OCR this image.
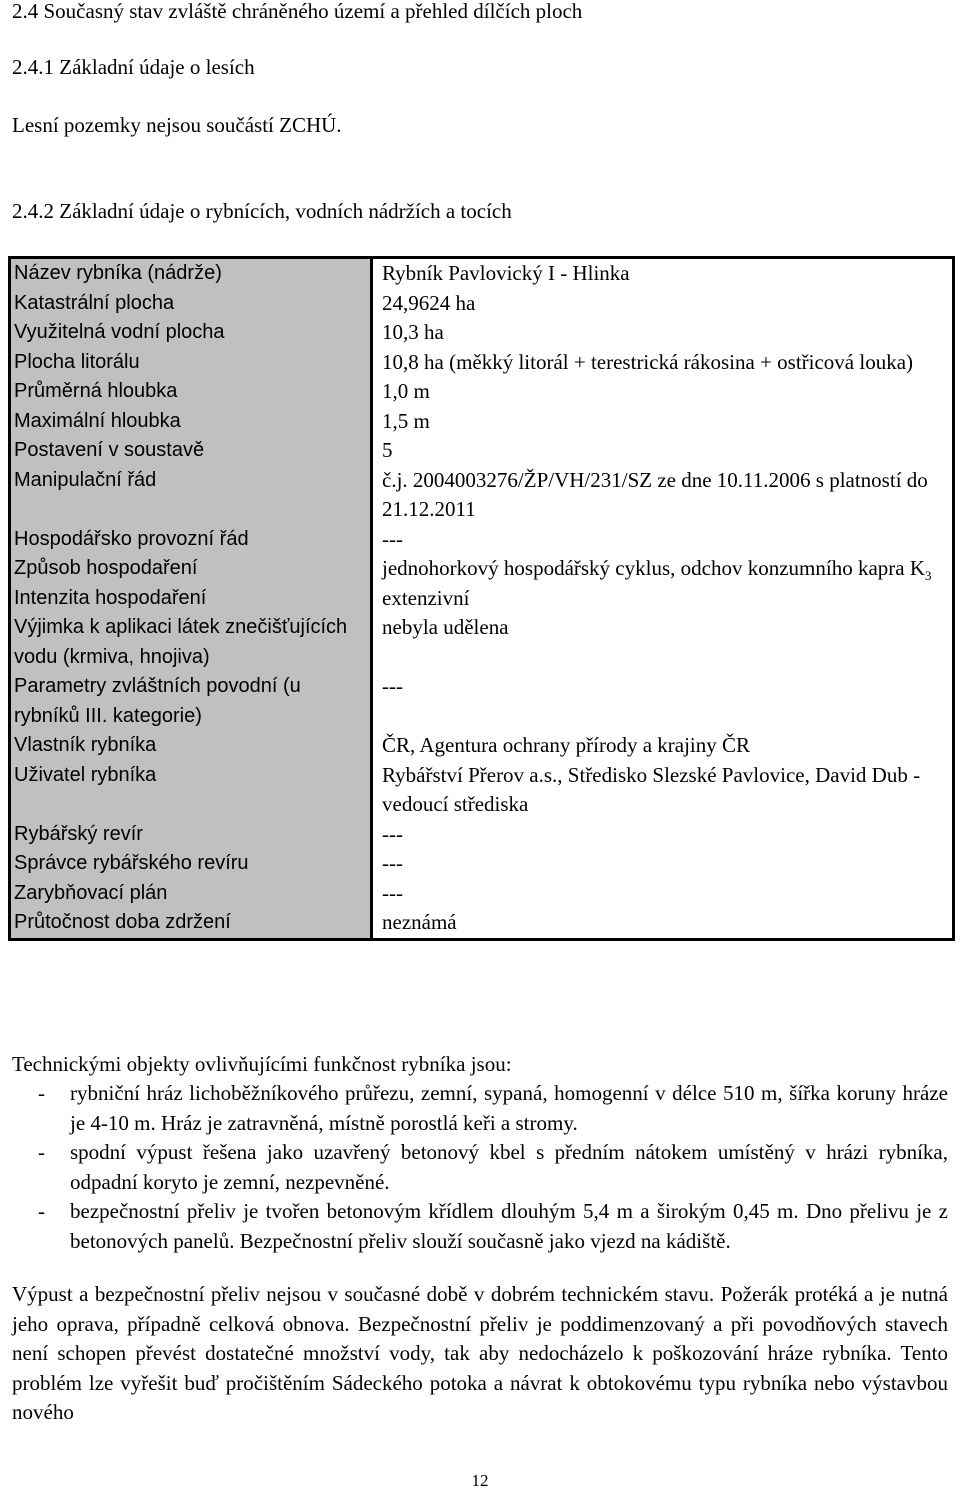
2.4 Současný stav zvláště chráněného území a přehled dílčích ploch
2.4.1 Základní údaje o lesích
Lesní pozemky nejsou součástí ZCHÚ.
2.4.2 Základní údaje o rybnících, vodních nádržích a tocích
Název rybníka (nádrže)	Rybník Pavlovický I - Hlinka
Katastrální plocha	24,9624 ha
Využitelná vodní plocha	10,3 ha
Plocha litorálu	10,8 ha (měkký litorál + terestrická rákosina + ostřicová louka)
Průměrná hloubka	1,0 m
Maximální hloubka	1,5 m
Postavení v soustavě	5
Manipulační řád	č.j. 2004003276/ŽP/VH/231/SZ ze dne 10.11.2006 s platností do 21.12.2011
Hospodářsko provozní řád	---
Způsob hospodaření	jednohorkový hospodářský cyklus, odchov konzumního kapra $K_3$
Intenzita hospodaření	extenzivní
Výjimka k aplikaci látek znečišťujících vodu (krmiva, hnojiva)	nebyla udělena
Parametry zvláštních povodní (u rybníků III. kategorie)	---
Vlastník rybníka	ČR, Agentura ochrany přírody a krajiny ČR
Uživatel rybníka	Rybářství Přerov a.s., Středisko Slezské Pavlovice, David Dub - vedoucí střediska
Rybářský revír	---
Správce rybářského revíru	---
Zarybňovací plán	---
Průtočnost doba zdržení	neznámá
Technickými objekty ovlivňujícími funkčnost rybníka jsou:
- rybniční hráz lichoběžníkového průřezu, zemní, sypaná, homogenní v délce 510 m, šířka koruny hráze je 4-10 m. Hráz je zatravněná, místně porostlá keři a stromy.
- spodní výpust řešena jako uzavřený betonový kbel s předním nátokem umístěný v hrázi rybníka, odpadní koryto je zemní, nezpevněné.
- bezpečnostní přeliv je tvořen betonovým křídlem dlouhým 5,4 m a širokým 0,45 m. Dno přelivu je z betonových panelů. Bezpečnostní přeliv slouží současně jako vjezd na kádiště.
Výpust a bezpečnostní přeliv nejsou v současné době v dobrém technickém stavu. Požerák protéká a je nutná jeho oprava, případně celková obnova. Bezpečnostní přeliv je poddimenzovaný a při povodňových stavech není schopen převést dostatečné množství vody, tak aby nedocházelo k poškozování hráze rybníka. Tento problém lze vyřešit buď pročištěním Sádeckého potoka a návrat k obtokovému typu rybníka nebo výstavbou nového
12
